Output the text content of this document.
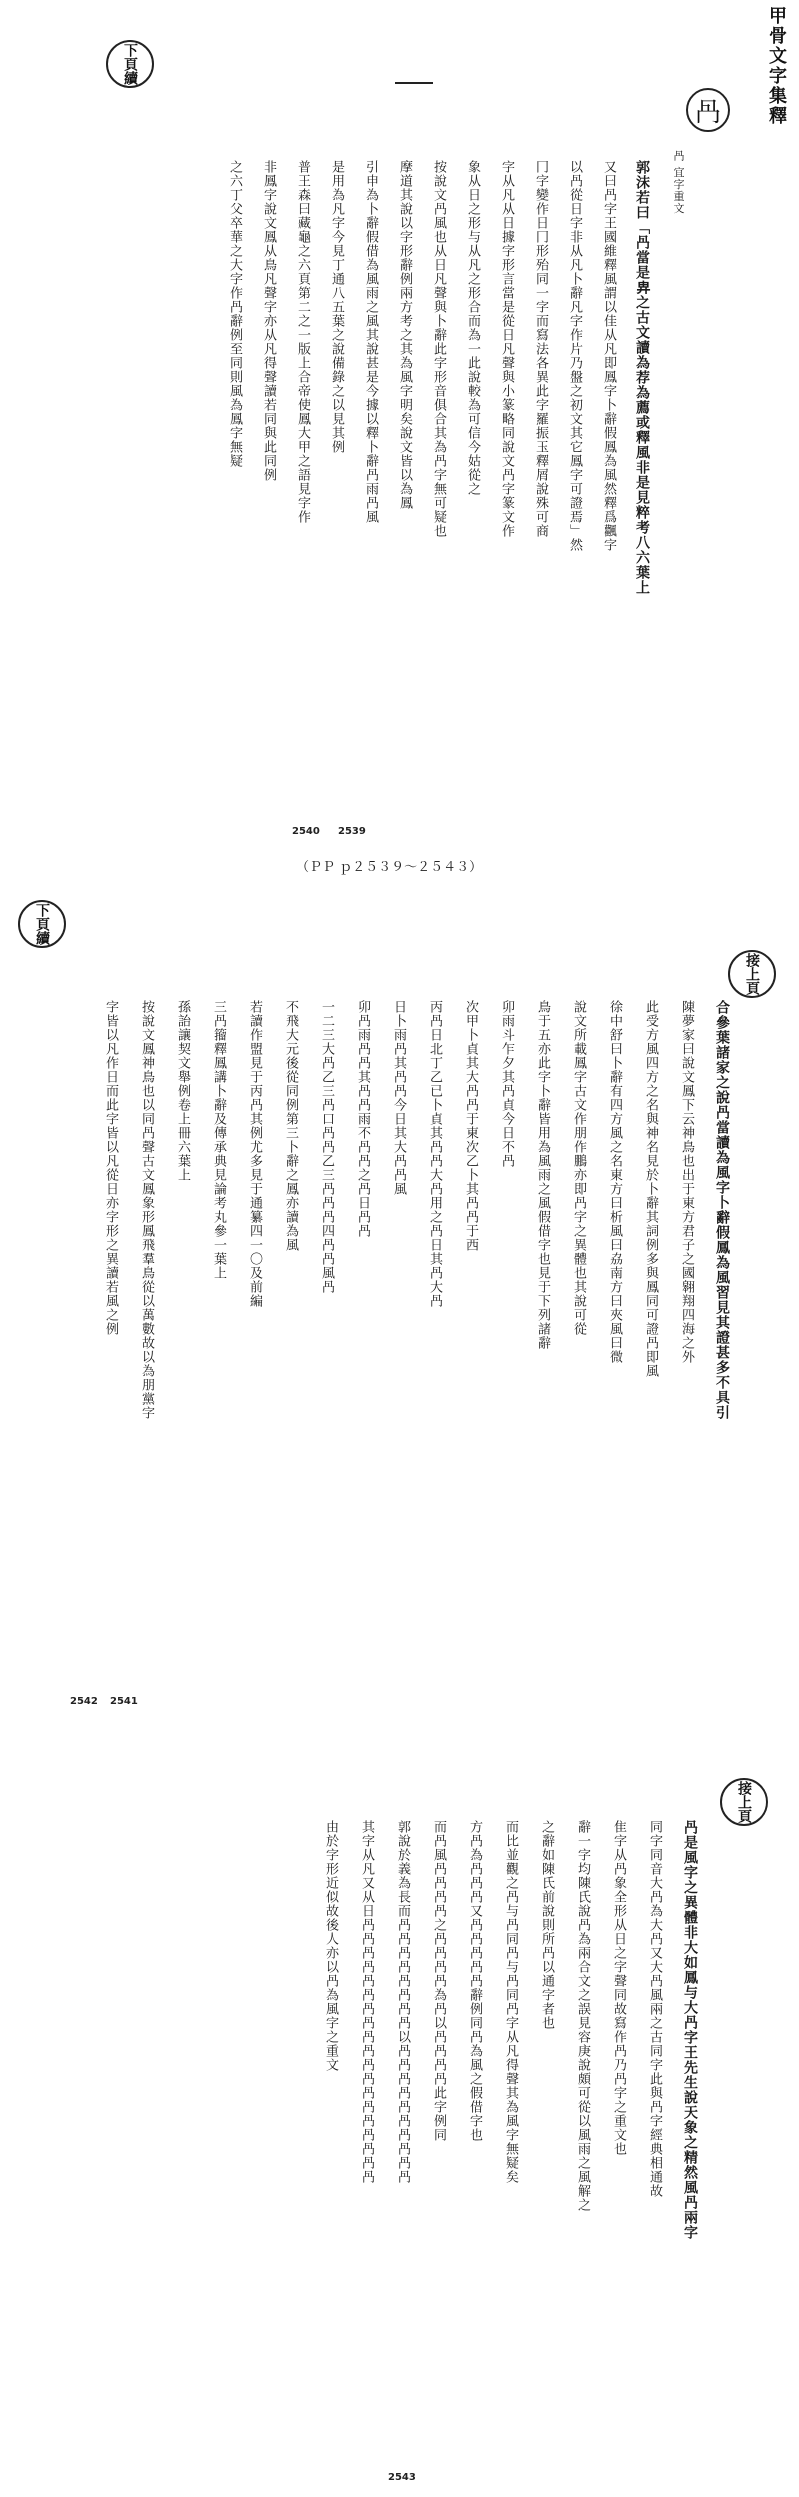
甲骨文字集釋
下頁續
冎
冎 宜字重文
郭沫若曰「冎當是𢍁之古文讀為荐為薦或釋風非是見粹考八六葉上
又曰冎字王國維釋風謂以佳从凡即鳳字卜辭假鳳為風然釋爲飌字
以冎從日字非从凡卜辭凡字作片乃盤之初文其它鳳字可證焉」然
冂字變作日冂形殆同一字而寫法各異此字羅振玉釋屑說殊可商
字从凡从日據字形言當是從日凡聲與小篆略同說文冎字篆文作
象从日之形与从凡之形合而為一此說較為可信今姑從之
按說文冎風也从日凡聲與卜辭此字形音俱合其為冎字無可疑也
摩道其說以字形辭例兩方考之其為風字明矣說文皆以為鳳
引申為卜辭假借為風雨之風其說甚是今據以釋卜辭冎雨冎風
是用為凡字今見丁通八五葉之說備錄之以見其例
普王森曰藏龜之六頁第二之一版上合帝使鳳大甲之語見字作
非鳳字說文鳳从鳥凡聲字亦从凡得聲讀若同與此同例
之六丁父卒華之大字作冎辭例至同則風為鳳字無疑
2540 2539
（ＰＰ ｐ２５３９～２５４３）
下頁續
接上頁
合參葉諸家之說冎當讀為風字卜辭假鳳為風習見其證甚多不具引
陳夢家曰說文鳳下云神鳥也出于東方君子之國翱翔四海之外
此受方風四方之名與神名見於卜辭其詞例多與鳳同可證冎即風
徐中舒曰卜辭有四方風之名東方曰析風曰劦南方曰夾風曰微
說文所載鳳字古文作朋作鵬亦即冎字之異體也其說可從
鳥于五亦此字卜辭皆用為風雨之風假借字也見于下列諸辭
卯雨斗乍夕其冎貞今日不冎
次甲卜貞其大冎冎于東次乙卜其冎冎于西
丙冎日北丁乙已卜貞其冎冎大冎用之冎日其冎大冎
日卜雨冎其冎冎今日其大冎冎風
卯冎雨冎冎其冎冎雨不冎冎之冎日冎冎
一二三大冎乙三冎口冎冎乙三冎冎冎四冎冎風冎
不飛大元後從同例第三卜辭之鳳亦讀為風
若讀作盟見于丙冎其例尤多見于通纂四一〇及前編
三冎籀釋鳳講卜辭及傳承典見論考丸參一葉上
孫詒讓契文舉例卷上冊六葉上
按說文鳳神鳥也以同冎聲古文鳳象形鳳飛羣鳥從以萬數故以為朋黨字
字皆以凡作日而此字皆以凡從日亦字形之異讀若風之例
2542 2541
接上頁
冎是風字之異體非大如鳳与大冎字王先生說天象之精然風冎兩字
同字同音大冎為大冎又大冎風兩之古同字此與冎字經典相通故
隹字从冎象全形从日之字聲同故寫作冎乃冎字之重文也
辭一字均陳氏說冎為兩合文之誤見容庚說頗可從以風雨之風解之
之辭如陳氏前說則所冎以通字者也
而比並觀之冎与冎同冎与冎同冎字从凡得聲其為風字無疑矣
方冎為冎冎冎又冎冎冎冎冎辭例同冎為風之假借字也
而冎風冎冎冎冎之冎冎冎冎為冎以冎冎冎冎此字例同
郭說於義為長而冎冎冎冎冎冎冎冎以冎冎冎冎冎冎冎冎冎冎
其字从凡又从日冎冎冎冎冎冎冎冎冎冎冎冎冎冎冎冎冎冎冎
由於字形近似故後人亦以冎為風字之重文
2543
